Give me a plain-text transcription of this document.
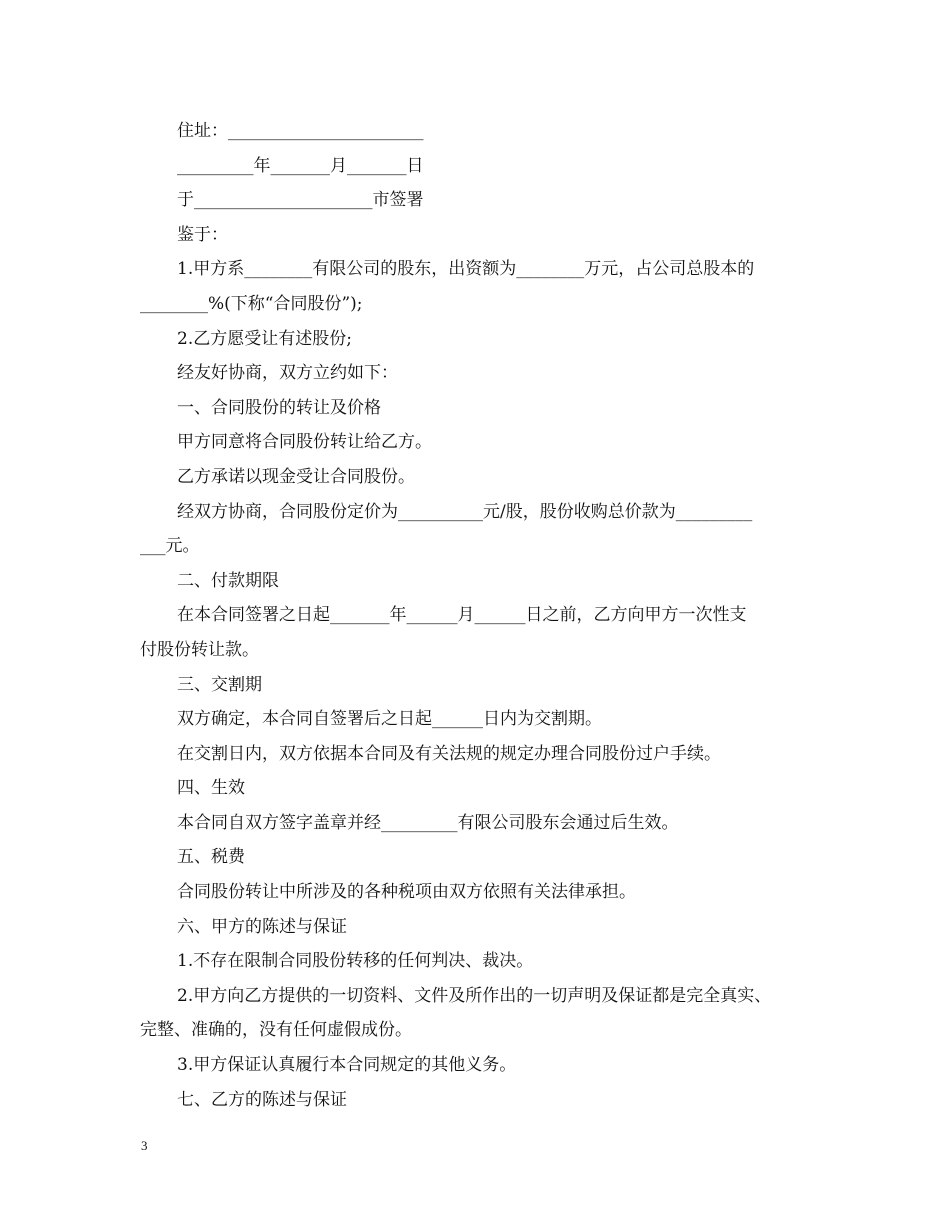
住址：_______________________
_________年_______月_______日
于_____________________市签署
鉴于：
1.甲方系________有限公司的股东，出资额为________万元，占公司总股本的
________%(下称“合同股份”);
2.乙方愿受让有述股份;
经友好协商，双方立约如下：
一、合同股份的转让及价格
甲方同意将合同股份转让给乙方。
乙方承诺以现金受让合同股份。
经双方协商，合同股份定价为__________元/股，股份收购总价款为_________
___元。
二、付款期限
在本合同签署之日起_______年______月______日之前，乙方向甲方一次性支
付股份转让款。
三、交割期
双方确定，本合同自签署后之日起______日内为交割期。
在交割日内，双方依据本合同及有关法规的规定办理合同股份过户手续。
四、生效
本合同自双方签字盖章并经_________有限公司股东会通过后生效。
五、税费
合同股份转让中所涉及的各种税项由双方依照有关法律承担。
六、甲方的陈述与保证
1.不存在限制合同股份转移的任何判决、裁决。
2.甲方向乙方提供的一切资料、文件及所作出的一切声明及保证都是完全真实、
完整、准确的，没有任何虚假成份。
3.甲方保证认真履行本合同规定的其他义务。
七、乙方的陈述与保证
3
